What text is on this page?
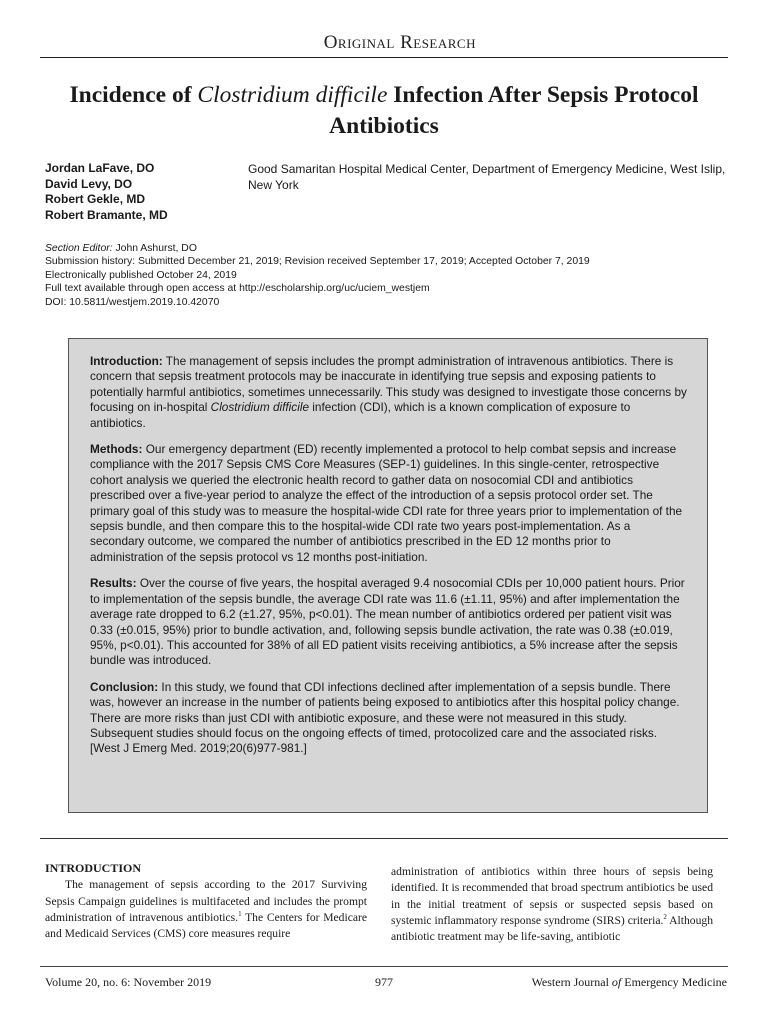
Original Research
Incidence of Clostridium difficile Infection After Sepsis Protocol Antibiotics
Jordan LaFave, DO
David Levy, DO
Robert Gekle, MD
Robert Bramante, MD
Good Samaritan Hospital Medical Center, Department of Emergency Medicine, West Islip, New York
Section Editor: John Ashurst, DO
Submission history: Submitted December 21, 2019; Revision received September 17, 2019; Accepted October 7, 2019
Electronically published October 24, 2019
Full text available through open access at http://escholarship.org/uc/uciem_westjem
DOI: 10.5811/westjem.2019.10.42070

Introduction: The management of sepsis includes the prompt administration of intravenous antibiotics. There is concern that sepsis treatment protocols may be inaccurate in identifying true sepsis and exposing patients to potentially harmful antibiotics, sometimes unnecessarily. This study was designed to investigate those concerns by focusing on in-hospital Clostridium difficile infection (CDI), which is a known complication of exposure to antibiotics.

Methods: Our emergency department (ED) recently implemented a protocol to help combat sepsis and increase compliance with the 2017 Sepsis CMS Core Measures (SEP-1) guidelines. In this single-center, retrospective cohort analysis we queried the electronic health record to gather data on nosocomial CDI and antibiotics prescribed over a five-year period to analyze the effect of the introduction of a sepsis protocol order set. The primary goal of this study was to measure the hospital-wide CDI rate for three years prior to implementation of the sepsis bundle, and then compare this to the hospital-wide CDI rate two years post-implementation. As a secondary outcome, we compared the number of antibiotics prescribed in the ED 12 months prior to administration of the sepsis protocol vs 12 months post-initiation.

Results: Over the course of five years, the hospital averaged 9.4 nosocomial CDIs per 10,000 patient hours. Prior to implementation of the sepsis bundle, the average CDI rate was 11.6 (±1.11, 95%) and after implementation the average rate dropped to 6.2 (±1.27, 95%, p<0.01). The mean number of antibiotics ordered per patient visit was 0.33 (±0.015, 95%) prior to bundle activation, and, following sepsis bundle activation, the rate was 0.38 (±0.019, 95%, p<0.01). This accounted for 38% of all ED patient visits receiving antibiotics, a 5% increase after the sepsis bundle was introduced.

Conclusion: In this study, we found that CDI infections declined after implementation of a sepsis bundle. There was, however an increase in the number of patients being exposed to antibiotics after this hospital policy change. There are more risks than just CDI with antibiotic exposure, and these were not measured in this study. Subsequent studies should focus on the ongoing effects of timed, protocolized care and the associated risks. [West J Emerg Med. 2019;20(6)977-981.]

INTRODUCTION
The management of sepsis according to the 2017 Surviving Sepsis Campaign guidelines is multifaceted and includes the prompt administration of intravenous antibiotics.$^1$ The Centers for Medicare and Medicaid Services (CMS) core measures require
administration of antibiotics within three hours of sepsis being identified. It is recommended that broad spectrum antibiotics be used in the initial treatment of sepsis or suspected sepsis based on systemic inflammatory response syndrome (SIRS) criteria.$^2$ Although antibiotic treatment may be life-saving, antibiotic
Volume 20, no. 6: November 2019	977	Western Journal of Emergency Medicine
